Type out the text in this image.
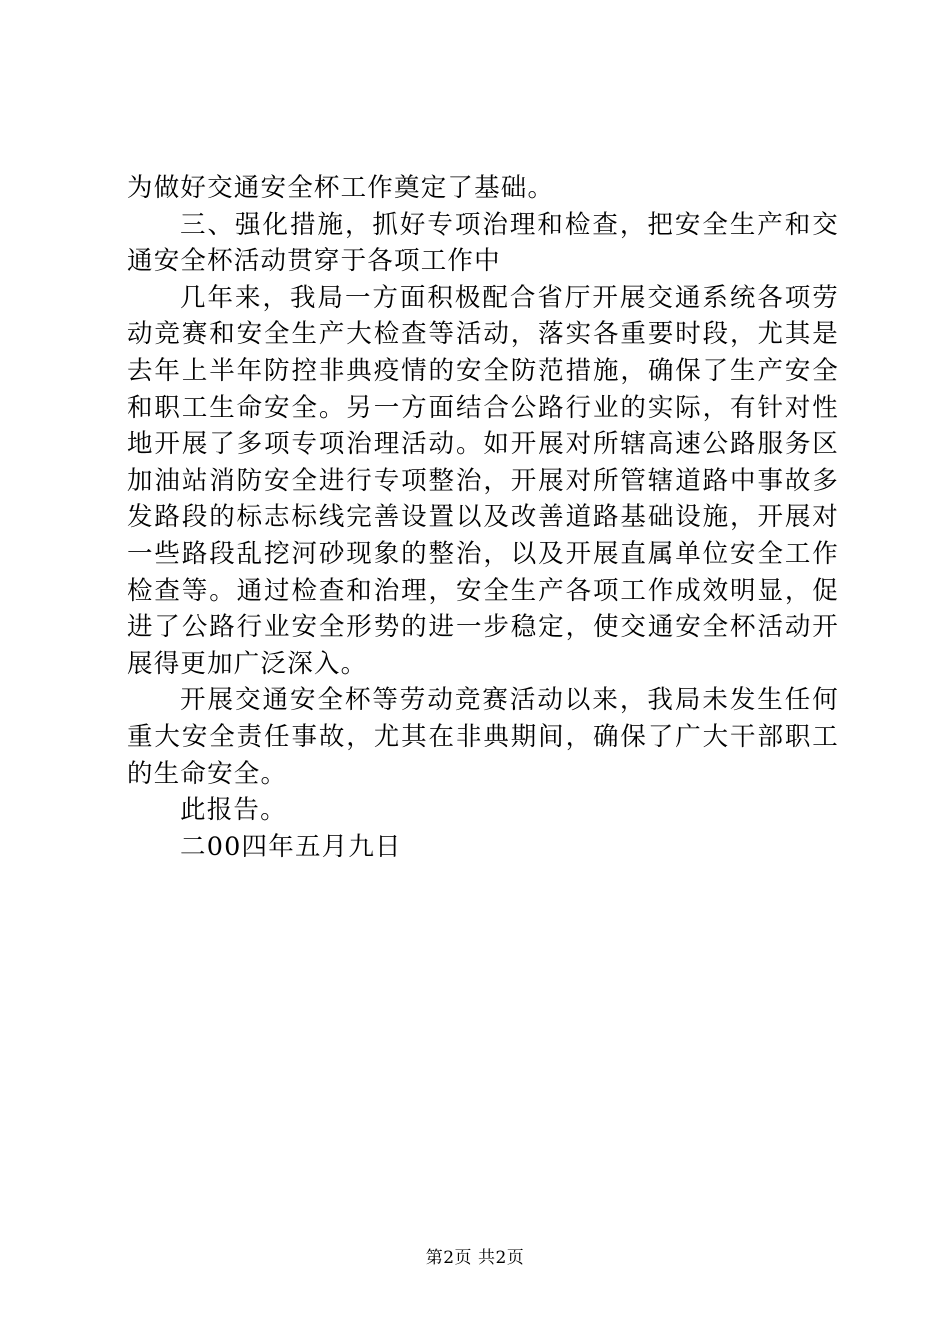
为做好交通安全杯工作奠定了基础。

三、强化措施，抓好专项治理和检查，把安全生产和交通安全杯活动贯穿于各项工作中

几年来，我局一方面积极配合省厅开展交通系统各项劳动竞赛和安全生产大检查等活动，落实各重要时段，尤其是去年上半年防控非典疫情的安全防范措施，确保了生产安全和职工生命安全。另一方面结合公路行业的实际，有针对性地开展了多项专项治理活动。如开展对所辖高速公路服务区加油站消防安全进行专项整治，开展对所管辖道路中事故多发路段的标志标线完善设置以及改善道路基础设施，开展对一些路段乱挖河砂现象的整治，以及开展直属单位安全工作检查等。通过检查和治理，安全生产各项工作成效明显，促进了公路行业安全形势的进一步稳定，使交通安全杯活动开展得更加广泛深入。

开展交通安全杯等劳动竞赛活动以来，我局未发生任何重大安全责任事故，尤其在非典期间，确保了广大干部职工的生命安全。

此报告。

二00四年五月九日

第2页 共2页
